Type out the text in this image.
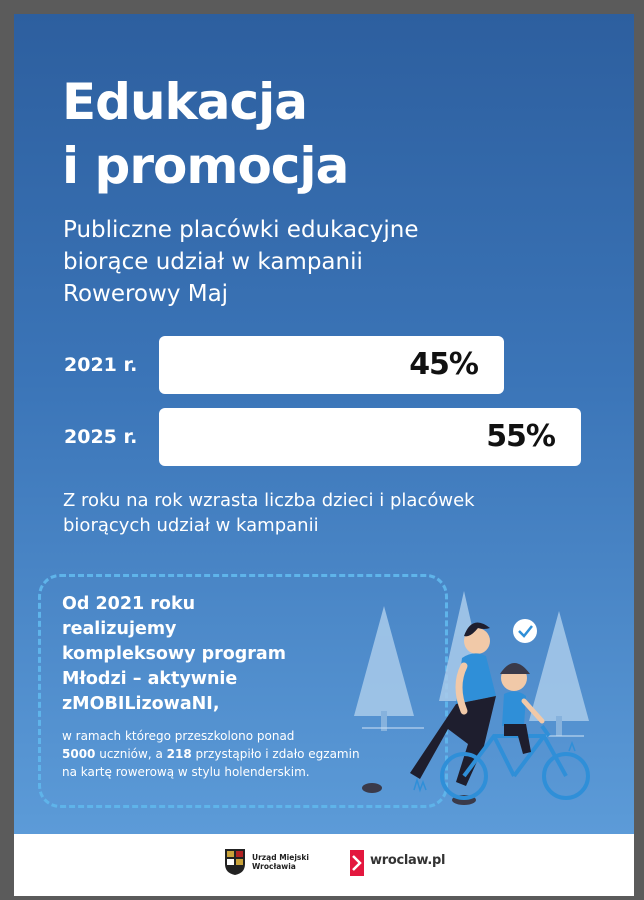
Edukacja
i promocja
Publiczne placówki edukacyjne
biorące udział w kampanii
Rowerowy Maj
2021 r.	45%
2025 r.	55%
Z roku na rok wzrasta liczba dzieci i placówek
biorących udział w kampanii
Od 2021 roku
realizujemy
kompleksowy program
Młodzi – aktywnie
zMOBILizowaNI,
w ramach którego przeszkolono ponad
5000 uczniów, a 218 przystąpiło i zdało egzamin na kartę rowerową w stylu holenderskim.
Urząd Miejski
Wrocławia	wroclaw.pl
